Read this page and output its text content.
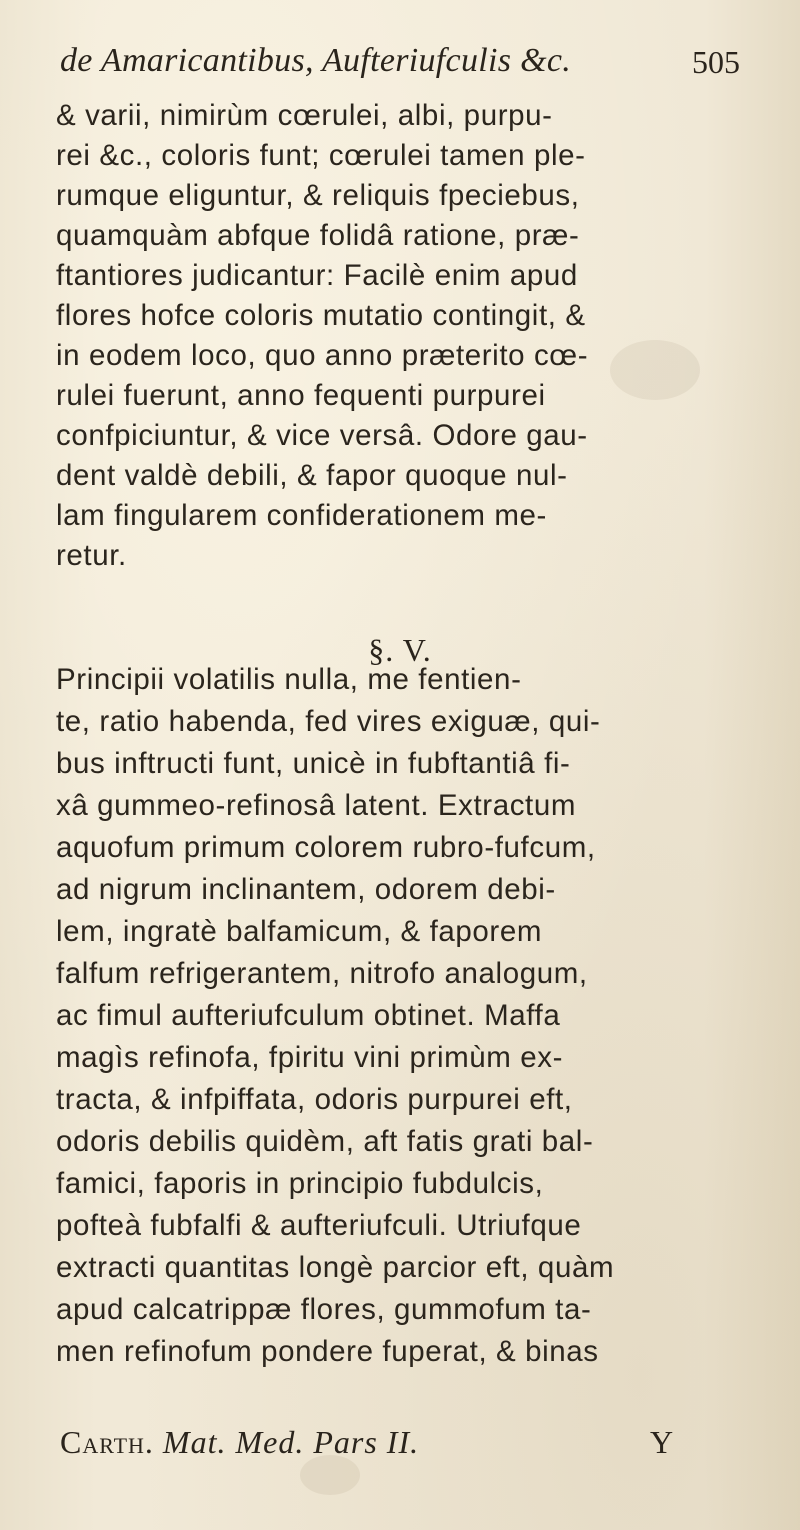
de Amaricantibus, Aufteriufculis &c.	505
& varii, nimirùm cœrulei, albi, purpu-
rei &c., coloris funt; cœrulei tamen ple-
rumque eliguntur, & reliquis fpeciebus,
quamquàm abfque folidâ ratione, præ-
ftantiores judicantur: Facilè enim apud
flores hofce coloris mutatio contingit, &
in eodem loco, quo anno præterito cœ-
rulei fuerunt, anno fequenti purpurei
confpiciuntur, & vice versâ. Odore gau-
dent valdè debili, & fapor quoque nul-
lam fingularem confiderationem me-
retur.
§. V.
Principii volatilis nulla, me fentien-
te, ratio habenda, fed vires exiguæ, qui-
bus inftructi funt, unicè in fubftantiâ fi-
xâ gummeo-refinosâ latent. Extractum
aquofum primum colorem rubro-fufcum,
ad nigrum inclinantem, odorem debi-
lem, ingratè balfamicum, & faporem
falfum refrigerantem, nitrofo analogum,
ac fimul aufteriufculum obtinet. Maffa
magìs refinofa, fpiritu vini primùm ex-
tracta, & infpiffata, odoris purpurei eft,
odoris debilis quidèm, aft fatis grati bal-
famici, faporis in principio fubdulcis,
pofteà fubfalfi & aufteriufculi. Utriufque
extracti quantitas longè parcior eft, quàm
apud calcatrippæ flores, gummofum ta-
men refinofum pondere fuperat, & binas
Carth. Mat. Med. Pars II.	Y
